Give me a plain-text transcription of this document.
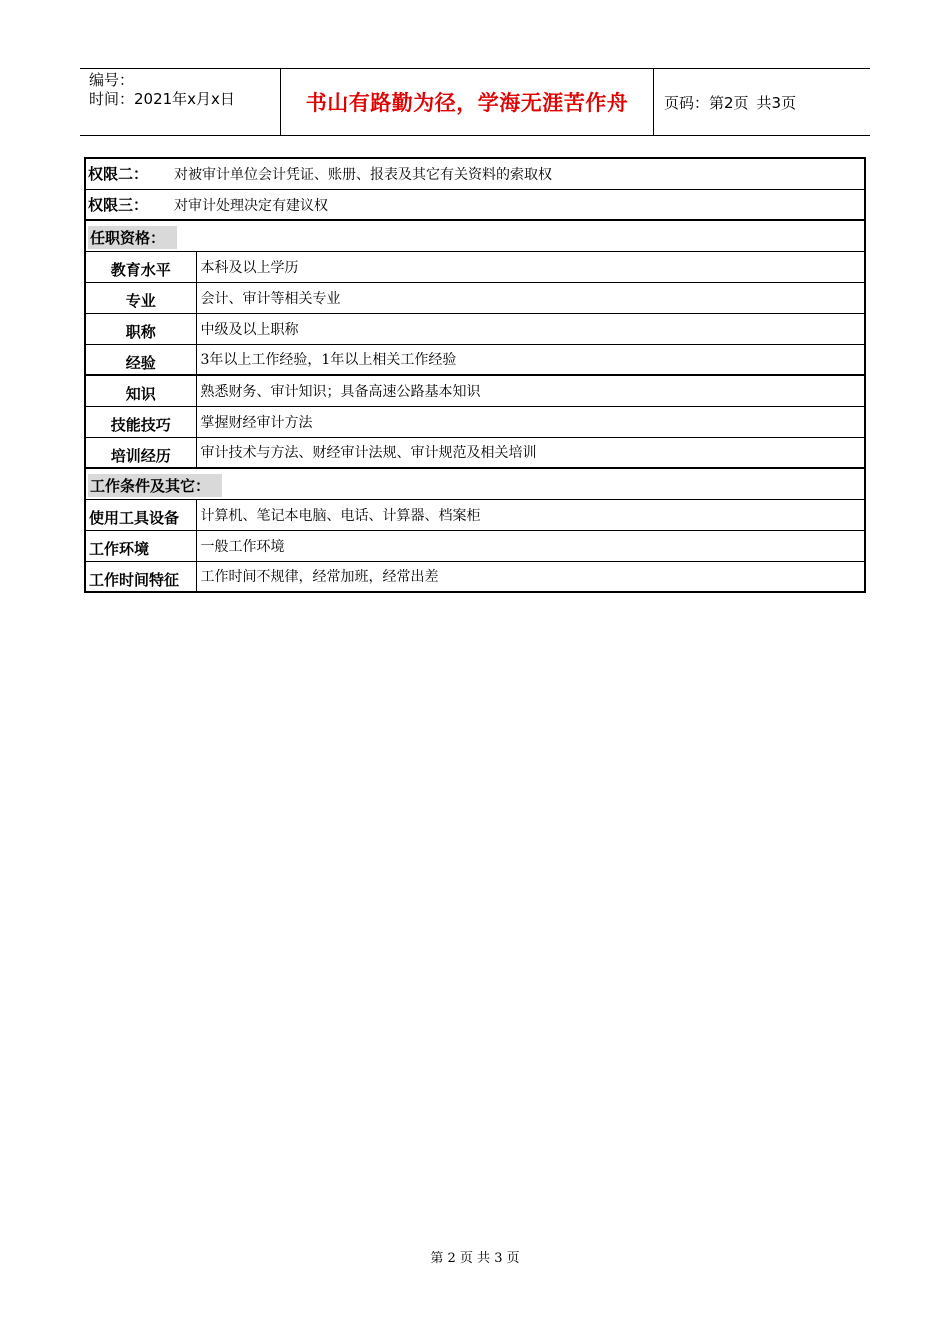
编号：
时间：2021年x月x日	书山有路勤为径，学海无涯苦作舟	页码：第2页 共3页
权限二： 对被审计单位会计凭证、账册、报表及其它有关资料的索取权	
权限三： 对审计处理决定有建议权	
任职资格：	
教育水平	本科及以上学历
专业	会计、审计等相关专业
职称	中级及以上职称
经验	3年以上工作经验，1年以上相关工作经验
知识	熟悉财务、审计知识；具备高速公路基本知识
技能技巧	掌握财经审计方法
培训经历	审计技术与方法、财经审计法规、审计规范及相关培训
工作条件及其它：	
使用工具设备	计算机、笔记本电脑、电话、计算器、档案柜
工作环境	一般工作环境
工作时间特征	工作时间不规律，经常加班，经常出差
第 2 页 共 3 页
